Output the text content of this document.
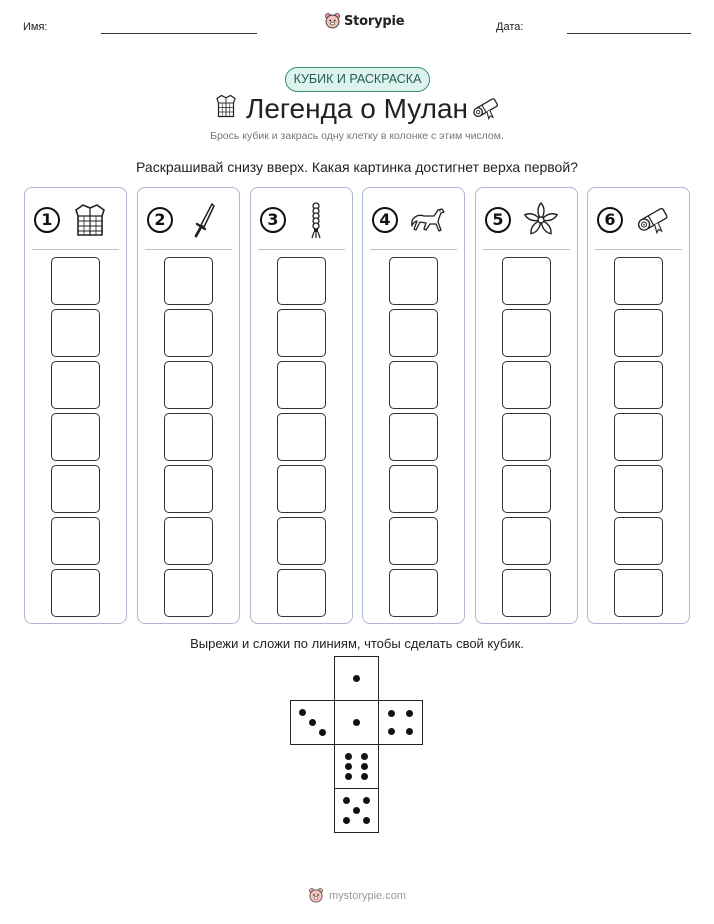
Имя:	Storypie	Дата:
КУБИК И РАСКРАСКА
Легенда о Мулан
Брось кубик и закрась одну клетку в колонке с этим числом.
Раскрашивай снизу вверх. Какая картинка достигнет верха первой?
1	2	3	4	5	6
Вырежи и сложи по линиям, чтобы сделать свой кубик.
mystorypie.com
